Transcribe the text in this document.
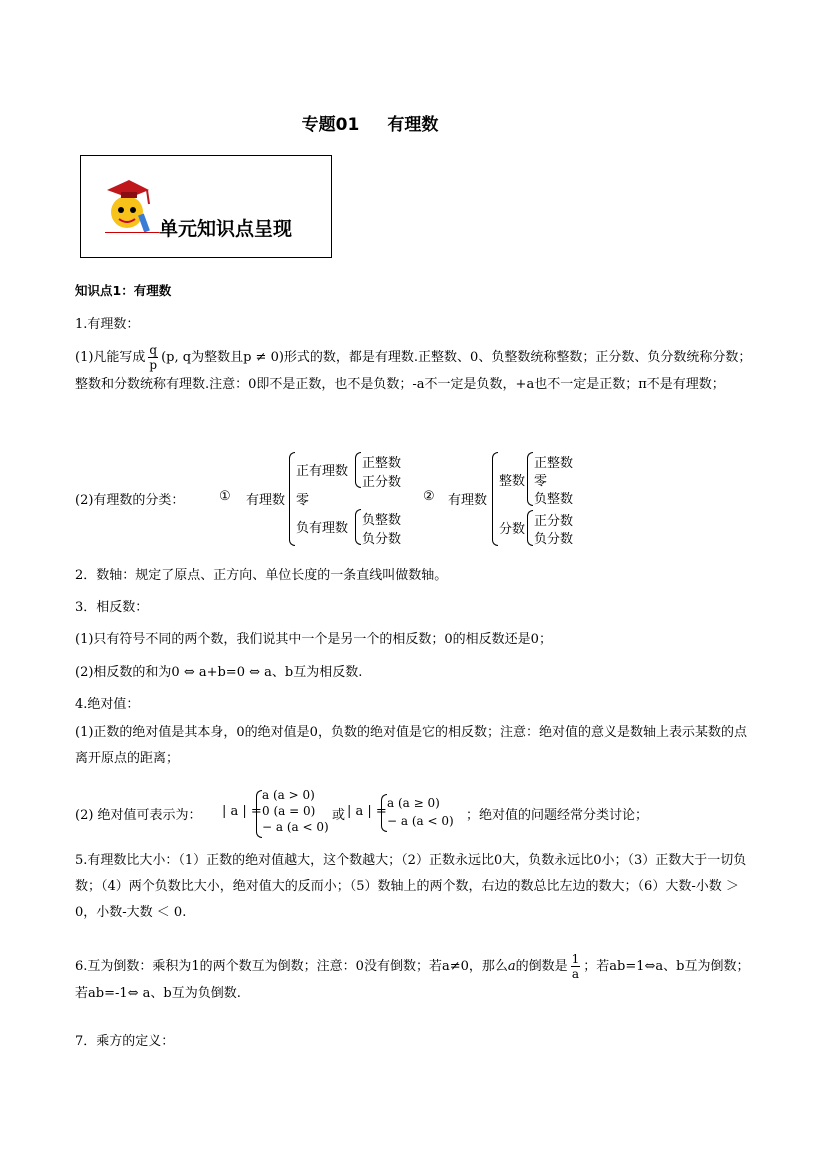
专题01 有理数
单元知识点呈现
知识点1：有理数
1.有理数：
(1)凡能写成 $\frac{q}{p} (p$, q为整数且p ≠ 0)形式的数，都是有理数.正整数、0、负整数统称整数；正分数、负分数统称分数；整数和分数统称有理数.注意：0即不是正数，也不是负数；-a不一定是负数，+a也不一定是正数；π不是有理数；
(2)有理数的分类：	① 有理数
正有理数
正整数
正分数
零
负有理数
负整数
负分数
② 有理数
整数
正整数
零
负整数
分数
正分数
负分数
2．数轴：规定了原点、正方向、单位长度的一条直线叫做数轴。
3．相反数：
(1)只有符号不同的两个数，我们说其中一个是另一个的相反数；0的相反数还是0；
(2)相反数的和为0 ⇔ a+b=0 ⇔ a、b互为相反数.
4.绝对值：
(1)正数的绝对值是其本身，0的绝对值是0，负数的绝对值是它的相反数；注意：绝对值的意义是数轴上表示某数的点离开原点的距离；
(2) 绝对值可表示为： | a | =
a (a > 0)
0 (a = 0)
− a (a < 0)
或 | a | =
a (a ≥ 0)
− a (a < 0) ；绝对值的问题经常分类讨论；
5.有理数比大小：（1）正数的绝对值越大，这个数越大；（2）正数永远比0大，负数永远比0小；（3）正数大于一切负数；（4）两个负数比大小，绝对值大的反而小；（5）数轴上的两个数，右边的数总比左边的数大；（6）大数-小数 ＞ 0，小数-大数 ＜ 0.
6.互为倒数：乘积为1的两个数互为倒数；注意：0没有倒数；若a≠0，那么a的倒数是 $\frac{1}{a}$ ；若ab=1⇔a、b互为倒数；若ab=-1⇔ a、b互为负倒数.
7．乘方的定义：
